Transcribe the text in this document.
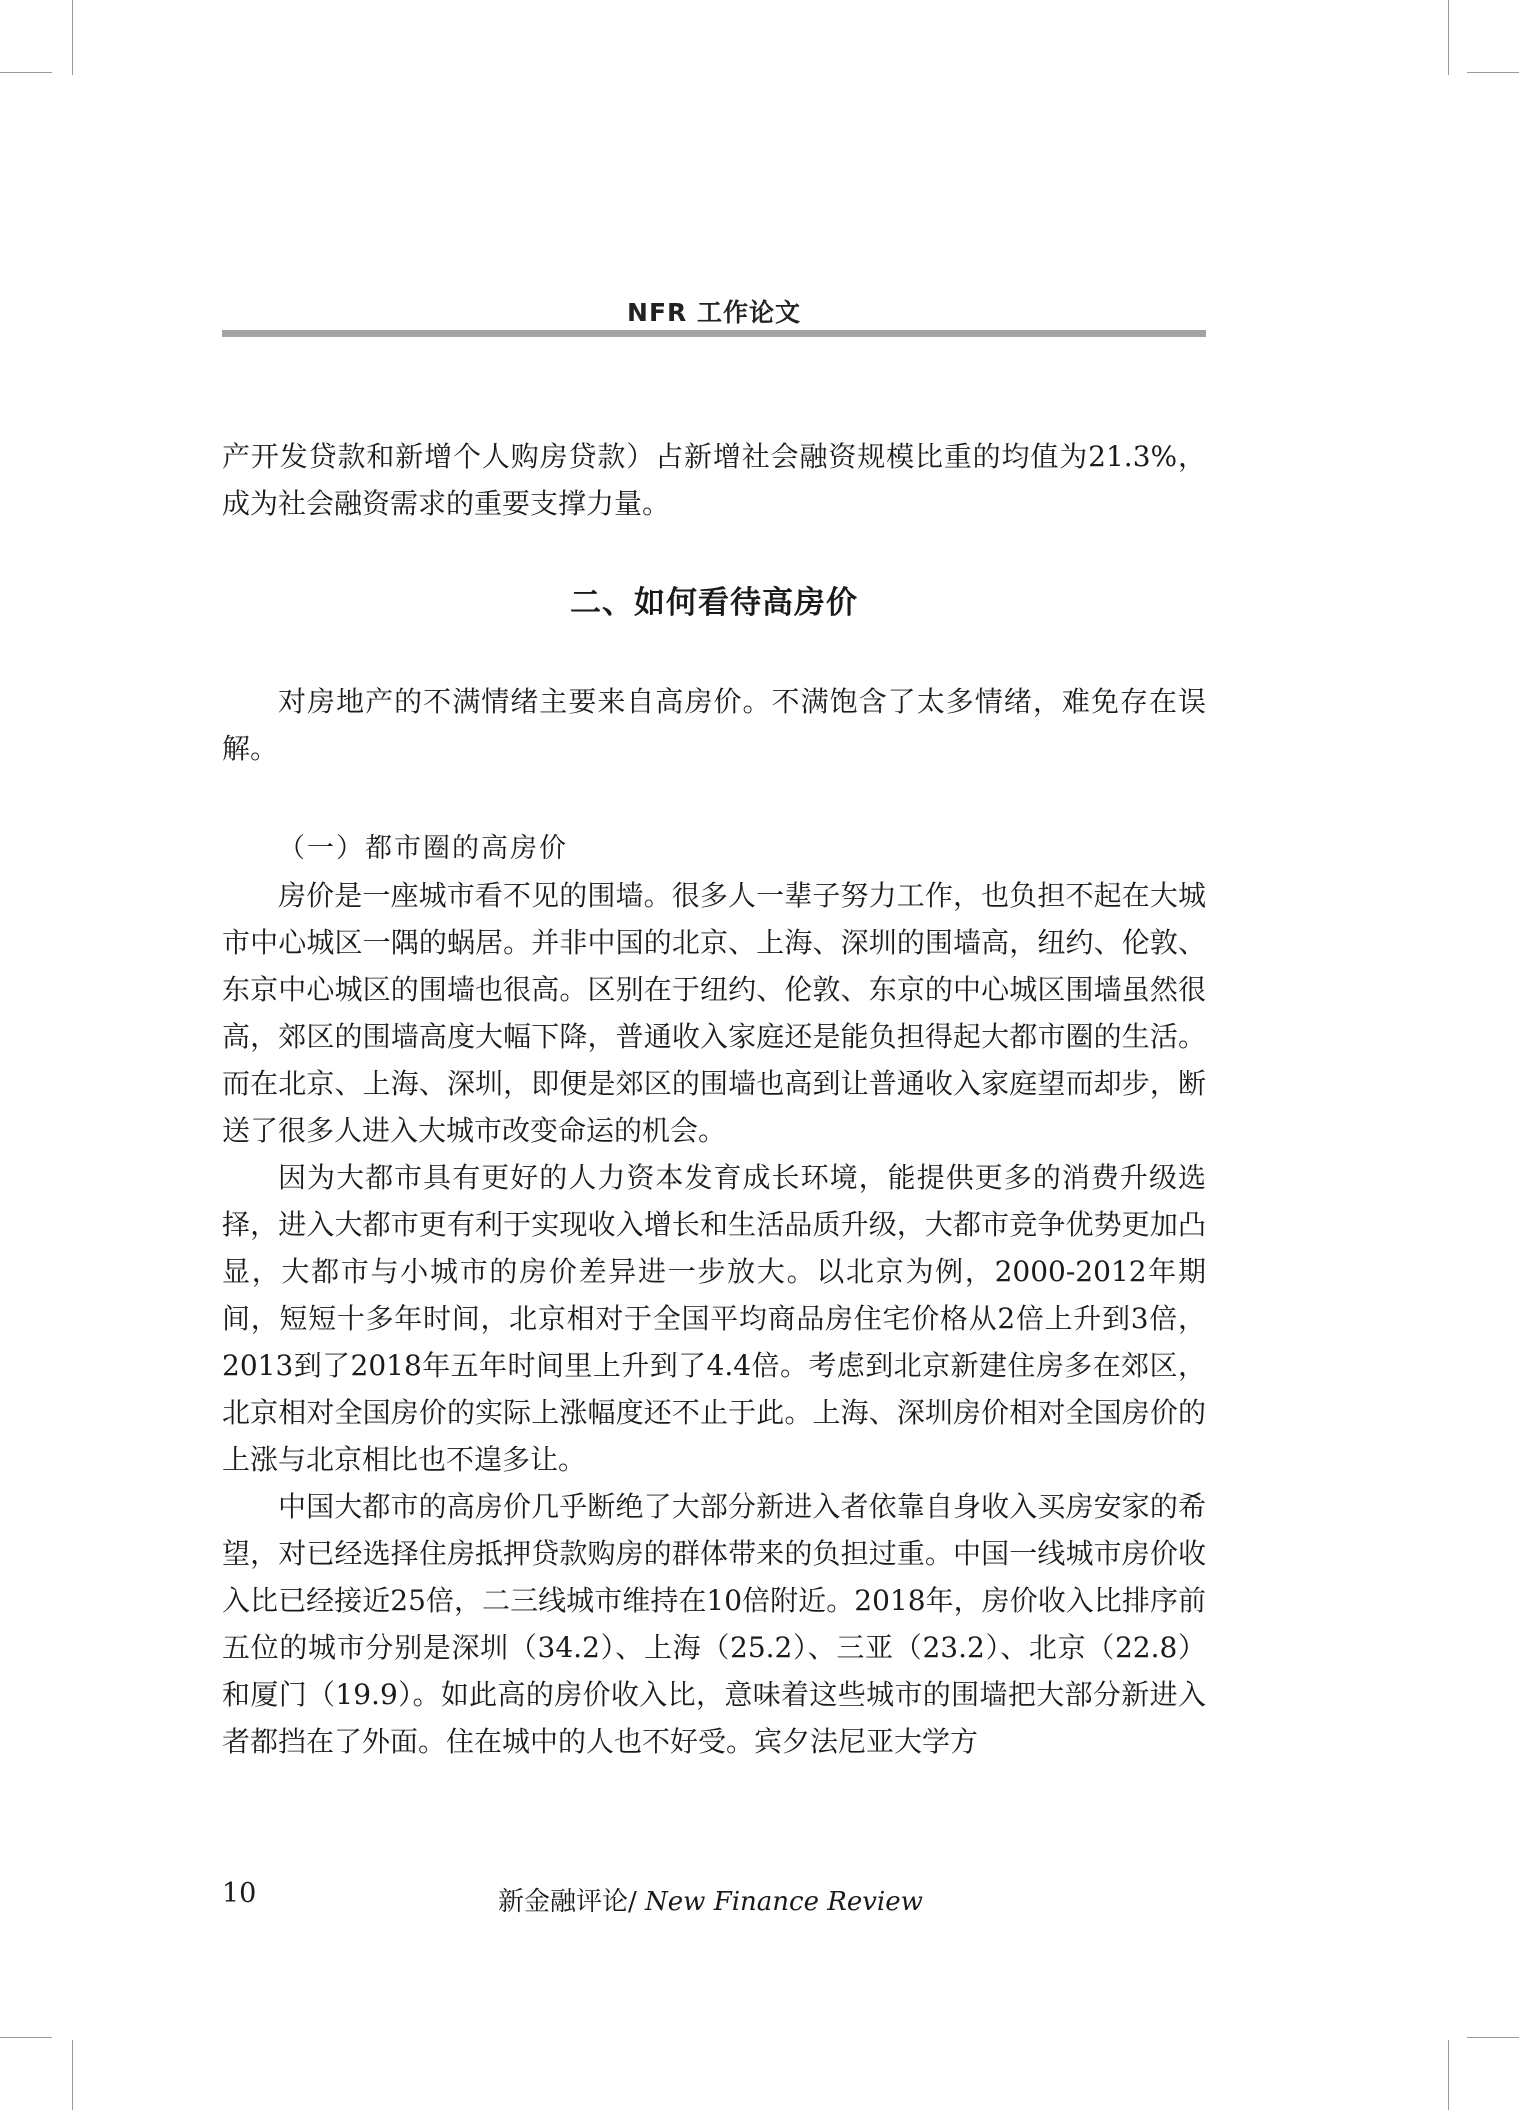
NFR 工作论文

产开发贷款和新增个人购房贷款）占新增社会融资规模比重的均值为21.3%，成为社会融资需求的重要支撑力量。

二、如何看待高房价

对房地产的不满情绪主要来自高房价。不满饱含了太多情绪，难免存在误解。

（一）都市圈的高房价

房价是一座城市看不见的围墙。很多人一辈子努力工作，也负担不起在大城市中心城区一隅的蜗居。并非中国的北京、上海、深圳的围墙高，纽约、伦敦、东京中心城区的围墙也很高。区别在于纽约、伦敦、东京的中心城区围墙虽然很高，郊区的围墙高度大幅下降，普通收入家庭还是能负担得起大都市圈的生活。而在北京、上海、深圳，即便是郊区的围墙也高到让普通收入家庭望而却步，断送了很多人进入大城市改变命运的机会。

因为大都市具有更好的人力资本发育成长环境，能提供更多的消费升级选择，进入大都市更有利于实现收入增长和生活品质升级，大都市竞争优势更加凸显，大都市与小城市的房价差异进一步放大。以北京为例，2000-2012年期间，短短十多年时间，北京相对于全国平均商品房住宅价格从2倍上升到3倍，2013到了2018年五年时间里上升到了4.4倍。考虑到北京新建住房多在郊区，北京相对全国房价的实际上涨幅度还不止于此。上海、深圳房价相对全国房价的上涨与北京相比也不遑多让。

中国大都市的高房价几乎断绝了大部分新进入者依靠自身收入买房安家的希望，对已经选择住房抵押贷款购房的群体带来的负担过重。中国一线城市房价收入比已经接近25倍，二三线城市维持在10倍附近。2018年，房价收入比排序前五位的城市分别是深圳（34.2）、上海（25.2）、三亚（23.2）、北京（22.8）和厦门（19.9）。如此高的房价收入比，意味着这些城市的围墙把大部分新进入者都挡在了外面。住在城中的人也不好受。宾夕法尼亚大学方

10	新金融评论/ New Finance Review
